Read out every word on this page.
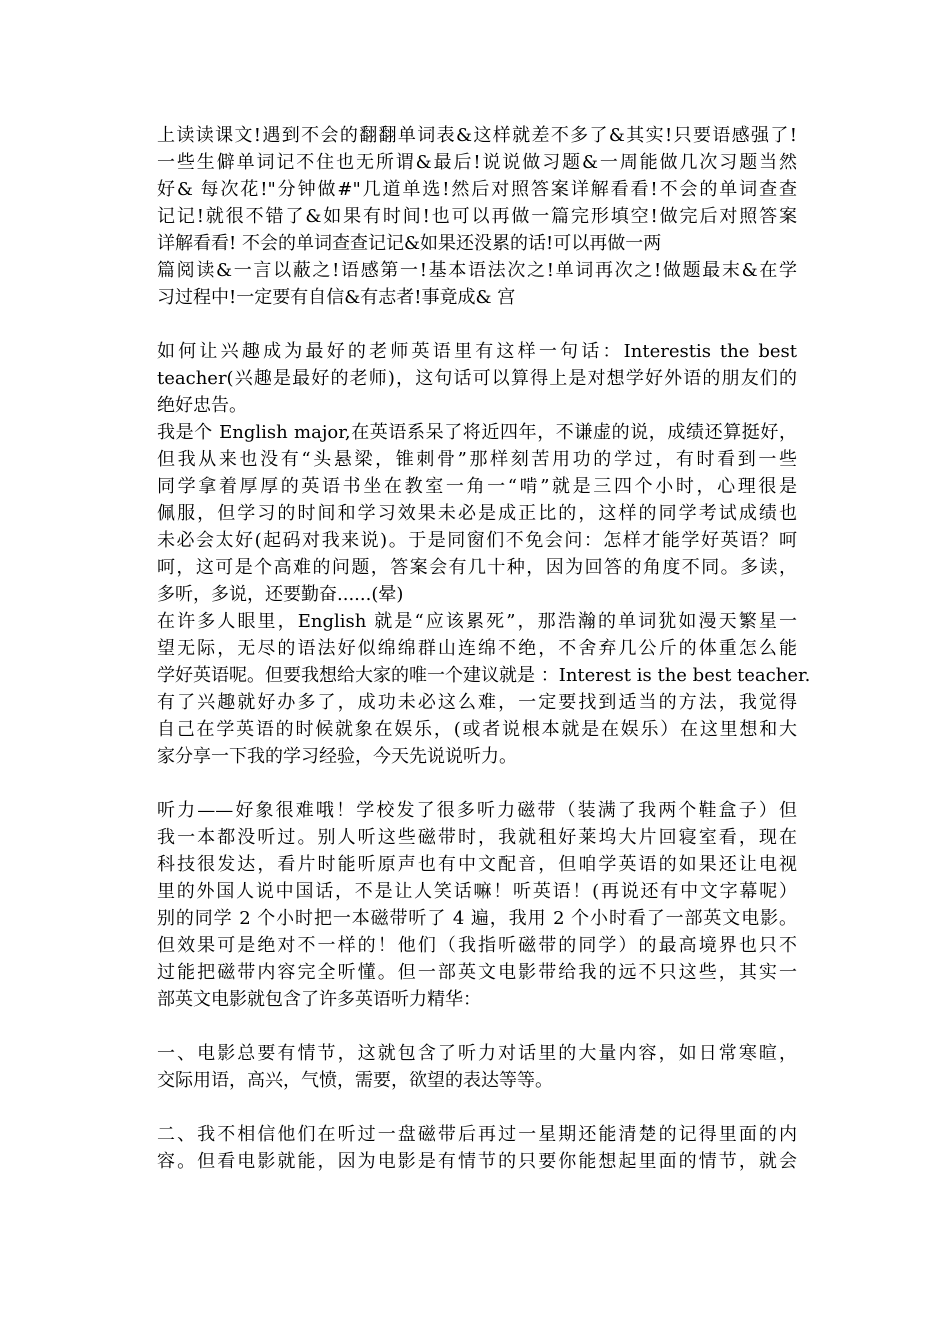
上读读课文!遇到不会的翻翻单词表&这样就差不多了&其实!只要语感强了!
一些生僻单词记不住也无所谓&最后!说说做习题&一周能做几次习题当然
好& 每次花!"分钟做#"几道单选!然后对照答案详解看看!不会的单词查查
记记!就很不错了&如果有时间!也可以再做一篇完形填空!做完后对照答案
详解看看! 不会的单词查查记记&如果还没累的话!可以再做一两
篇阅读&一言以蔽之!语感第一!基本语法次之!单词再次之!做题最末&在学
习过程中!一定要有自信&有志者!事竟成& 宫
如何让兴趣成为最好的老师英语里有这样一句话：Interestis the best
teacher(兴趣是最好的老师)，这句话可以算得上是对想学好外语的朋友们的
绝好忠告。
我是个 English major,在英语系呆了将近四年，不谦虚的说，成绩还算挺好，
但我从来也没有“头悬梁，锥刺骨”那样刻苦用功的学过，有时看到一些
同学拿着厚厚的英语书坐在教室一角一“啃”就是三四个小时，心理很是
佩服，但学习的时间和学习效果未必是成正比的，这样的同学考试成绩也
未必会太好(起码对我来说)。于是同窗们不免会问：怎样才能学好英语？呵
呵，这可是个高难的问题，答案会有几十种，因为回答的角度不同。多读，
多听，多说，还要勤奋......(晕)
在许多人眼里，English 就是“应该累死”，那浩瀚的单词犹如漫天繁星一
望无际，无尽的语法好似绵绵群山连绵不绝，不舍弃几公斤的体重怎么能
学好英语呢。但要我想给大家的唯一个建议就是 ：Interest is the best teacher.
有了兴趣就好办多了，成功未必这么难，一定要找到适当的方法，我觉得
自己在学英语的时候就象在娱乐，(或者说根本就是在娱乐）在这里想和大
家分享一下我的学习经验，今天先说说听力。
听力——好象很难哦！学校发了很多听力磁带（装满了我两个鞋盒子）但
我一本都没听过。别人听这些磁带时，我就租好莱坞大片回寝室看，现在
科技很发达，看片时能听原声也有中文配音，但咱学英语的如果还让电视
里的外国人说中国话，不是让人笑话嘛！听英语！(再说还有中文字幕呢）
别的同学 2 个小时把一本磁带听了 4 遍，我用 2 个小时看了一部英文电影。
但效果可是绝对不一样的！他们（我指听磁带的同学）的最高境界也只不
过能把磁带内容完全听懂。但一部英文电影带给我的远不只这些，其实一
部英文电影就包含了许多英语听力精华：
一、电影总要有情节，这就包含了听力对话里的大量内容，如日常寒暄，
交际用语，高兴，气愤，需要，欲望的表达等等。
二、我不相信他们在听过一盘磁带后再过一星期还能清楚的记得里面的内
容。但看电影就能，因为电影是有情节的只要你能想起里面的情节，就会
